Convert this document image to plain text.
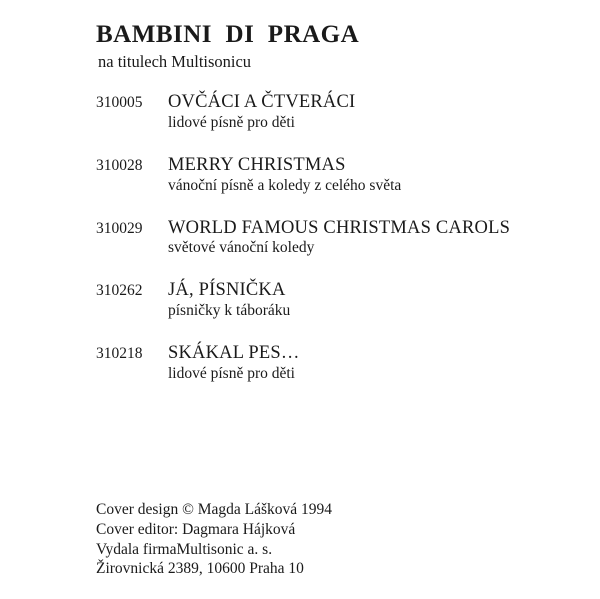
BAMBINI  DI  PRAGA
na titulech Multisonicu
310005	OVČÁCI A ČTVERÁCI
lidové písně pro děti
310028	MERRY CHRISTMAS
vánoční písně a koledy z celého světa
310029	WORLD FAMOUS CHRISTMAS CAROLS
světové vánoční koledy
310262	JÁ, PÍSNIČKA
písničky k táboráku
310218	SKÁKAL PES…
lidové písně pro děti
Cover design © Magda Lášková 1994
Cover editor: Dagmara Hájková
Vydala firmaMultisonic a. s.
Žirovnická 2389, 10600 Praha 10
